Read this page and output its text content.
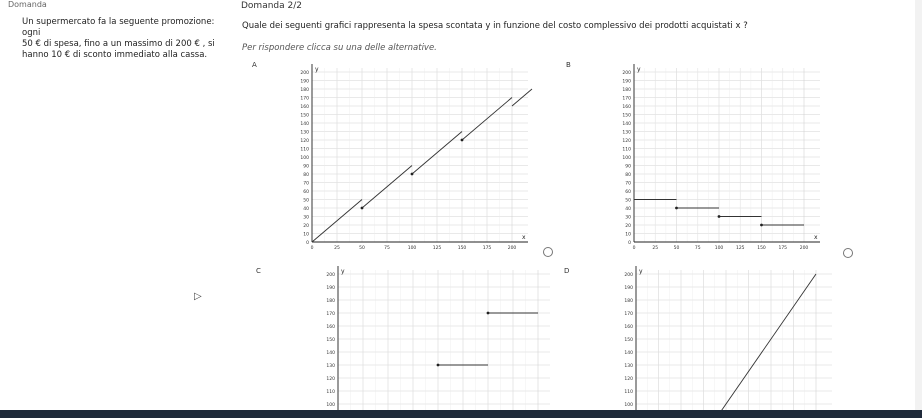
Domanda	Domanda 2/2
Un supermercato fa la seguente promozione: ogni
50 € di spesa, fino a un massimo di 200 € , si
hanno 10 € di sconto immediato alla cassa.
Quale dei seguenti grafici rappresenta la spesa scontata y in funzione del costo complessivo dei prodotti acquistati x ?
Per rispondere clicca su una delle alternative.
▷
A
y
x
0
10
20
30
40
50
60
70
80
90
100
110
120
130
140
150
160
170
180
190
200
0	25	50	75	100	125	150	175	200
B
y
x
0
10
20
30
40
50
60
70
80
90
100
110
120
130
140
150
160
170
180
190
200
0	25	50	75	100	125	150	175	200
C	y
100
110
120
130
140
150
160
170
180
190
200
D	y
100
110
120
130
140
150
160
170
180
190
200
